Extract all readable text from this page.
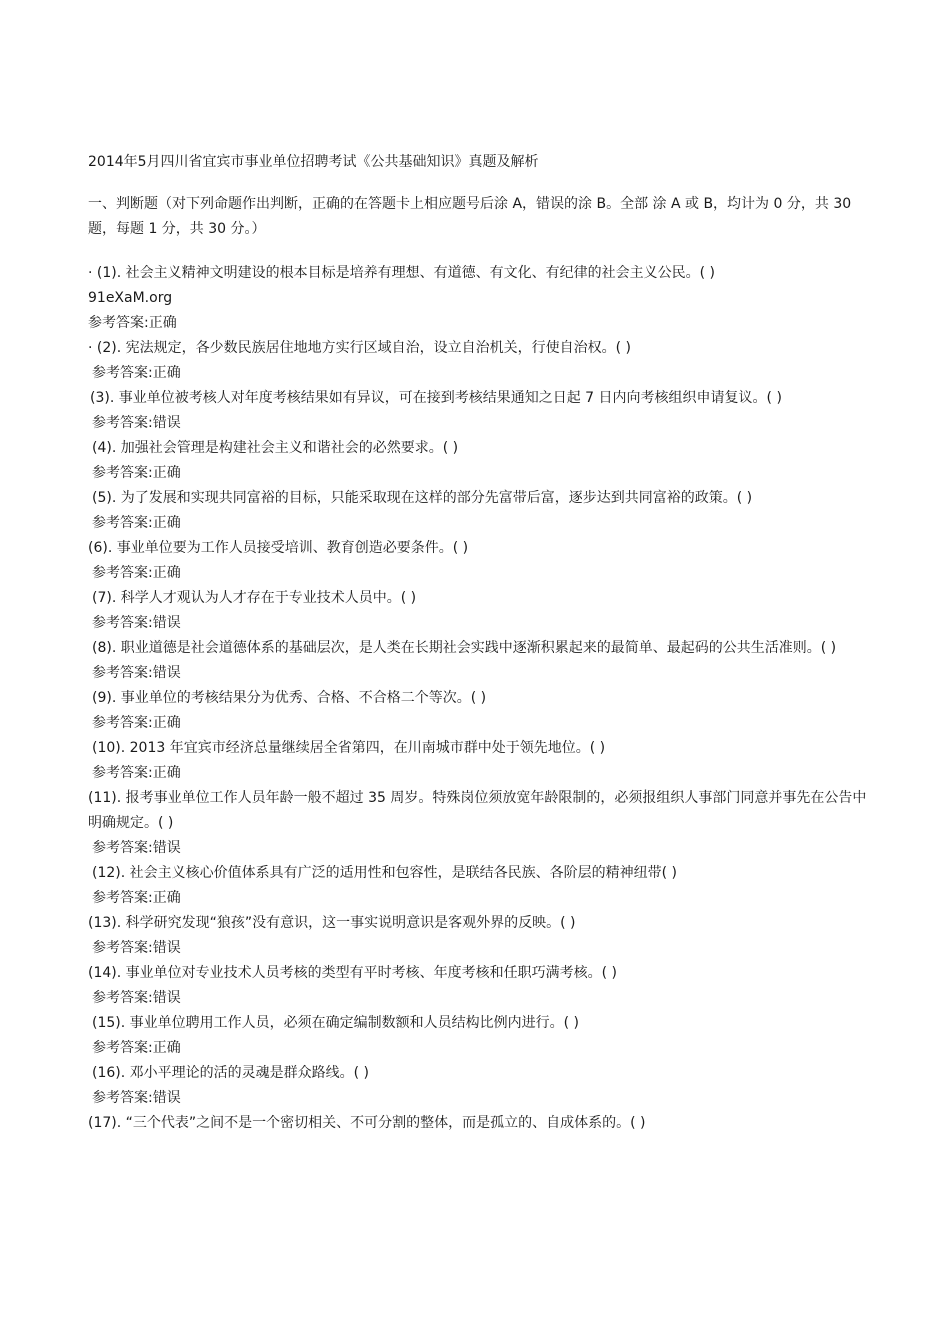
2014年5月四川省宜宾市事业单位招聘考试《公共基础知识》真题及解析

一、判断题（对下列命题作出判断，正确的在答题卡上相应题号后涂 A，错误的涂 B。全部 涂 A 或 B，均计为 0 分，共 30 题，每题 1 分，共 30 分。）

· (1). 社会主义精神文明建设的根本目标是培养有理想、有道德、有文化、有纪律的社会主义公民。( )

91eXaM.org

参考答案:正确

· (2). 宪法规定，各少数民族居住地地方实行区域自治，设立自治机关，行使自治权。( )

参考答案:正确

(3). 事业单位被考核人对年度考核结果如有异议，可在接到考核结果通知之日起 7 日内向考核组织申请复议。( )

参考答案:错误

(4). 加强社会管理是构建社会主义和谐社会的必然要求。( )

参考答案:正确

(5). 为了发展和实现共同富裕的目标，只能采取现在这样的部分先富带后富，逐步达到共同富裕的政策。( )

参考答案:正确

(6). 事业单位要为工作人员接受培训、教育创造必要条件。( )

参考答案:正确

(7). 科学人才观认为人才存在于专业技术人员中。( )

参考答案:错误

(8). 职业道德是社会道德体系的基础层次，是人类在长期社会实践中逐渐积累起来的最简单、最起码的公共生活准则。( )

参考答案:错误

(9). 事业单位的考核结果分为优秀、合格、不合格二个等次。( )

参考答案:正确

(10). 2013 年宜宾市经济总量继续居全省第四，在川南城市群中处于领先地位。( )

参考答案:正确

(11). 报考事业单位工作人员年龄一般不超过 35 周岁。特殊岗位须放宽年龄限制的，必须报组织人事部门同意并事先在公告中明确规定。( )

参考答案:错误

(12). 社会主义核心价值体系具有广泛的适用性和包容性，是联结各民族、各阶层的精神纽带( )

参考答案:正确

(13). 科学研究发现“狼孩”没有意识，这一事实说明意识是客观外界的反映。( )

参考答案:错误

(14). 事业单位对专业技术人员考核的类型有平时考核、年度考核和任职巧满考核。( )

参考答案:错误

(15). 事业单位聘用工作人员，必须在确定编制数额和人员结构比例内进行。( )

参考答案:正确

(16). 邓小平理论的活的灵魂是群众路线。( )

参考答案:错误

(17). “三个代表”之间不是一个密切相关、不可分割的整体，而是孤立的、自成体系的。( )
